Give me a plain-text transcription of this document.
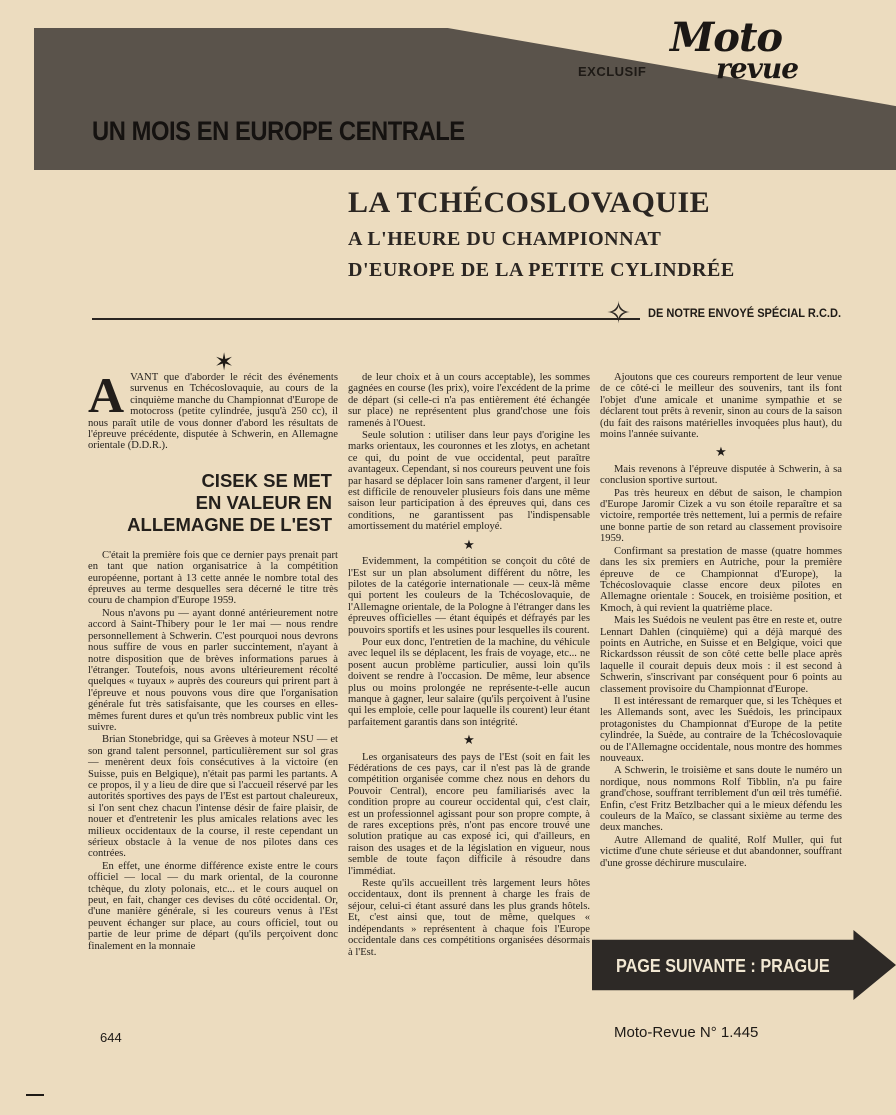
Moto
revue
EXCLUSIF
UN MOIS EN EUROPE CENTRALE
LA TCHÉCOSLOVAQUIE
A L'HEURE DU CHAMPIONNAT
D'EUROPE DE LA PETITE CYLINDRÉE
✧ DE NOTRE ENVOYÉ SPÉCIAL R.C.D.
✶

AVANT que d'aborder le récit des événements survenus en Tchécoslovaquie, au cours de la cinquième manche du Championnat d'Europe de motocross (petite cylindrée, jusqu'à 250 cc), il nous paraît utile de vous donner d'abord les résultats de l'épreuve précédente, disputée à Schwerin, en Allemagne orientale (D.D.R.).

CISEK SE MET
EN VALEUR EN
ALLEMAGNE DE L'EST

C'était la première fois que ce dernier pays prenait part en tant que nation organisatrice à la compétition européenne, portant à 13 cette année le nombre total des épreuves au terme desquelles sera décerné le titre très couru de champion d'Europe 1959.

Nous n'avons pu — ayant donné antérieurement notre accord à Saint-Thibery pour le 1er mai — nous rendre personnellement à Schwerin. C'est pourquoi nous devrons nous suffire de vous en parler succintement, n'ayant à notre disposition que de brèves informations parues à l'étranger. Toutefois, nous avons ultérieurement récolté quelques « tuyaux » auprès des coureurs qui prirent part à l'épreuve et nous pouvons vous dire que l'organisation générale fut très satisfaisante, que les courses en elles-mêmes furent dures et qu'un très nombreux public vint les suivre.

Brian Stonebridge, qui sa Grèeves à moteur NSU — et son grand talent personnel, particulièrement sur sol gras — menèrent deux fois consécutives à la victoire (en Suisse, puis en Belgique), n'était pas parmi les partants. A ce propos, il y a lieu de dire que si l'accueil réservé par les autorités sportives des pays de l'Est est partout chaleureux, si l'on sent chez chacun l'intense désir de faire plaisir, de nouer et d'entretenir les plus amicales relations avec les milieux occidentaux de la course, il reste cependant un sérieux obstacle à la venue de nos pilotes dans ces contrées.

En effet, une énorme différence existe entre le cours officiel — local — du mark oriental, de la couronne tchèque, du zloty polonais, etc... et le cours auquel on peut, en fait, changer ces devises du côté occidental. Or, d'une manière générale, si les coureurs venus à l'Est peuvent échanger sur place, au cours officiel, tout ou partie de leur prime de départ (qu'ils perçoivent donc finalement en la monnaie

de leur choix et à un cours acceptable), les sommes gagnées en course (les prix), voire l'excédent de la prime de départ (si celle-ci n'a pas entièrement été échangée sur place) ne représentent plus grand'chose une fois ramenés à l'Ouest.

Seule solution : utiliser dans leur pays d'origine les marks orientaux, les couronnes et les zlotys, en achetant ce qui, du point de vue occidental, peut paraître avantageux. Cependant, si nos coureurs peuvent une fois par hasard se déplacer loin sans ramener d'argent, il leur est difficile de renouveler plusieurs fois dans une même saison leur participation à des épreuves qui, dans ces conditions, ne garantissent pas l'indispensable amortissement du matériel employé.

★

Evidemment, la compétition se conçoit du côté de l'Est sur un plan absolument différent du nôtre, les pilotes de la catégorie internationale — ceux-là même qui portent les couleurs de la Tchécoslovaquie, de l'Allemagne orientale, de la Pologne à l'étranger dans les épreuves officielles — étant équipés et défrayés par les pouvoirs sportifs et les usines pour lesquelles ils courent.

Pour eux donc, l'entretien de la machine, du véhicule avec lequel ils se déplacent, les frais de voyage, etc... ne posent aucun problème particulier, aussi loin qu'ils doivent se rendre à l'occasion. De même, leur absence plus ou moins prolongée ne représente-t-elle aucun manque à gagner, leur salaire (qu'ils perçoivent à l'usine qui les emploie, celle pour laquelle ils courent) leur étant parfaitement garantis dans son intégrité.

★

Les organisateurs des pays de l'Est (soit en fait les Fédérations de ces pays, car il n'est pas là de grande compétition organisée comme chez nous en dehors du Pouvoir Central), encore peu familiarisés avec la condition propre au coureur occidental qui, c'est clair, est un professionnel agissant pour son propre compte, à de rares exceptions près, n'ont pas encore trouvé une solution pratique au cas exposé ici, qui d'ailleurs, en raison des usages et de la législation en vigueur, nous semble de toute façon difficile à résoudre dans l'immédiat.

Reste qu'ils accueillent très largement leurs hôtes occidentaux, dont ils prennent à charge les frais de séjour, celui-ci étant assuré dans les plus grands hôtels. Et, c'est ainsi que, tout de même, quelques « indépendants » représentent à chaque fois l'Europe occidentale dans ces compétitions organisées désormais à l'Est.

Ajoutons que ces coureurs remportent de leur venue de ce côté-ci le meilleur des souvenirs, tant ils font l'objet d'une amicale et unanime sympathie et se déclarent tout prêts à revenir, sinon au cours de la saison (du fait des raisons matérielles invoquées plus haut), du moins l'année suivante.

★

Mais revenons à l'épreuve disputée à Schwerin, à sa conclusion sportive surtout.

Pas très heureux en début de saison, le champion d'Europe Jaromir Cizek a vu son étoile reparaître et sa victoire, remportée très nettement, lui a permis de refaire une bonne partie de son retard au classement provisoire 1959.

Confirmant sa prestation de masse (quatre hommes dans les six premiers en Autriche, pour la première épreuve de ce Championnat d'Europe), la Tchécoslovaquie classe encore deux pilotes en Allemagne orientale : Soucek, en troisième position, et Kmoch, à qui revient la quatrième place.

Mais les Suédois ne veulent pas être en reste et, outre Lennart Dahlen (cinquième) qui a déjà marqué des points en Autriche, en Suisse et en Belgique, voici que Rickardsson réussit de son côté cette belle place après laquelle il courait depuis deux mois : il est second à Schwerin, s'inscrivant par conséquent pour 6 points au classement provisoire du Championnat d'Europe.

Il est intéressant de remarquer que, si les Tchèques et les Allemands sont, avec les Suédois, les principaux protagonistes du Championnat d'Europe de la petite cylindrée, la Suède, au contraire de la Tchécoslovaquie ou de l'Allemagne occidentale, nous montre des hommes nouveaux.

A Schwerin, le troisième et sans doute le numéro un nordique, nous nommons Rolf Tibblin, n'a pu faire grand'chose, souffrant terriblement d'un œil très tuméfié. Enfin, c'est Fritz Betzlbacher qui a le mieux défendu les couleurs de la Maïco, se classant sixième au terme des deux manches.

Autre Allemand de qualité, Rolf Muller, qui fut victime d'une chute sérieuse et dut abandonner, souffrant d'une grosse déchirure musculaire.

PAGE SUIVANTE : PRAGUE
644	Moto-Revue N° 1.445
